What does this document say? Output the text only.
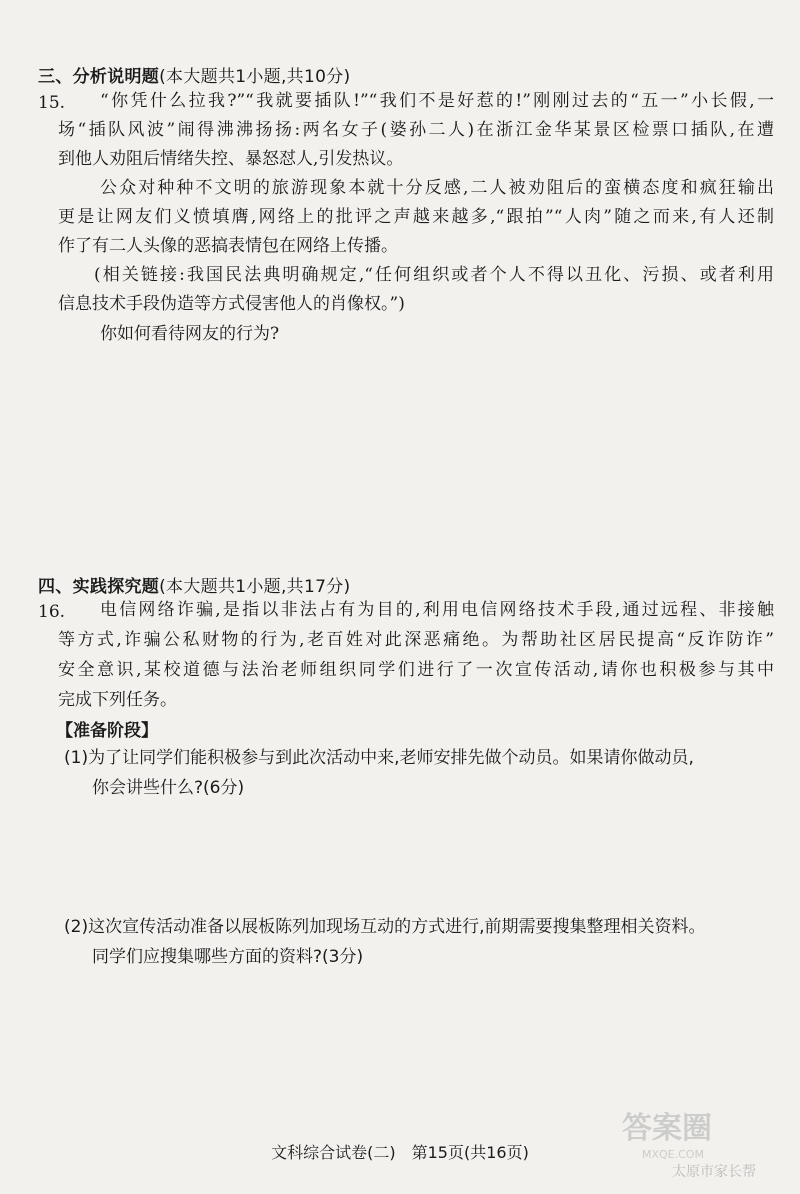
三、分析说明题(本大题共1小题,共10分)
15. “你凭什么拉我?”“我就要插队!”“我们不是好惹的!”刚刚过去的“五一”小长假,一
场“插队风波”闹得沸沸扬扬:两名女子(婆孙二人)在浙江金华某景区检票口插队,在遭
到他人劝阻后情绪失控、暴怒怼人,引发热议。
公众对种种不文明的旅游现象本就十分反感,二人被劝阻后的蛮横态度和疯狂输出
更是让网友们义愤填膺,网络上的批评之声越来越多,“跟拍”“人肉”随之而来,有人还制
作了有二人头像的恶搞表情包在网络上传播。
(相关链接:我国民法典明确规定,“任何组织或者个人不得以丑化、污损、或者利用
信息技术手段伪造等方式侵害他人的肖像权。”)
你如何看待网友的行为?
四、实践探究题(本大题共1小题,共17分)
16. 电信网络诈骗,是指以非法占有为目的,利用电信网络技术手段,通过远程、非接触
等方式,诈骗公私财物的行为,老百姓对此深恶痛绝。为帮助社区居民提高“反诈防诈”
安全意识,某校道德与法治老师组织同学们进行了一次宣传活动,请你也积极参与其中
完成下列任务。
【准备阶段】
(1)为了让同学们能积极参与到此次活动中来,老师安排先做个动员。如果请你做动员,
你会讲些什么?(6分)
(2)这次宣传活动准备以展板陈列加现场互动的方式进行,前期需要搜集整理相关资料。
同学们应搜集哪些方面的资料?(3分)
文科综合试卷(二)　第15页(共16页)
答案圈
MXQE.COM
太原市家长帮
